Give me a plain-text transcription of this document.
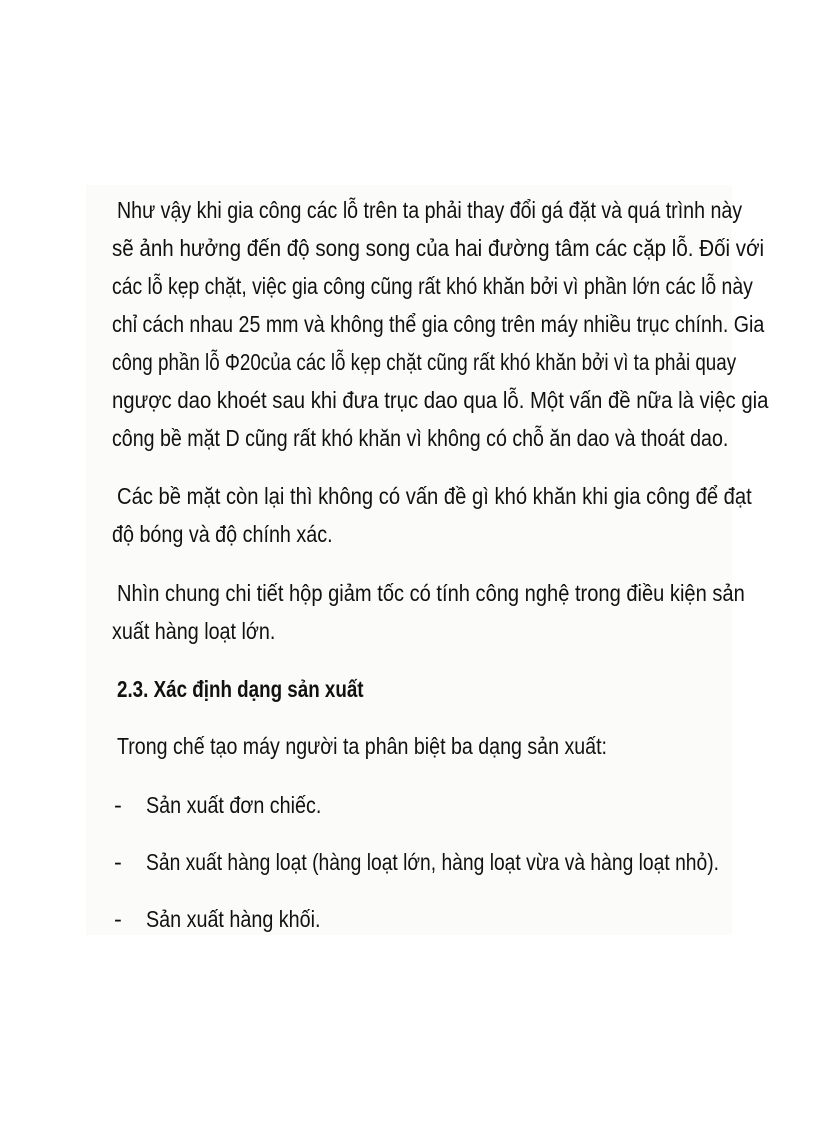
Như vậy khi gia công các lỗ trên ta phải thay đổi gá đặt và quá trình này
sẽ ảnh hưởng đến độ song song của hai đường tâm các cặp lỗ. Đối với
các lỗ kẹp chặt, việc gia công cũng rất khó khăn bởi vì phần lớn các lỗ này
chỉ cách nhau 25 mm và không thể gia công trên máy nhiều trục chính. Gia
công phần lỗ Φ20của các lỗ kẹp chặt cũng rất khó khăn bởi vì ta phải quay
ngược dao khoét sau khi đưa trục dao qua lỗ. Một vấn đề nữa là việc gia
công bề mặt D cũng rất khó khăn vì không có chỗ ăn dao và thoát dao.
Các bề mặt còn lại thì không có vấn đề gì khó khăn khi gia công để đạt
độ bóng và độ chính xác.
Nhìn chung chi tiết hộp giảm tốc có tính công nghệ trong điều kiện sản
xuất hàng loạt lớn.
2.3. Xác định dạng sản xuất
Trong chế tạo máy người ta phân biệt ba dạng sản xuất:
- Sản xuất đơn chiếc.
- Sản xuất hàng loạt (hàng loạt lớn, hàng loạt vừa và hàng loạt nhỏ).
- Sản xuất hàng khối.
